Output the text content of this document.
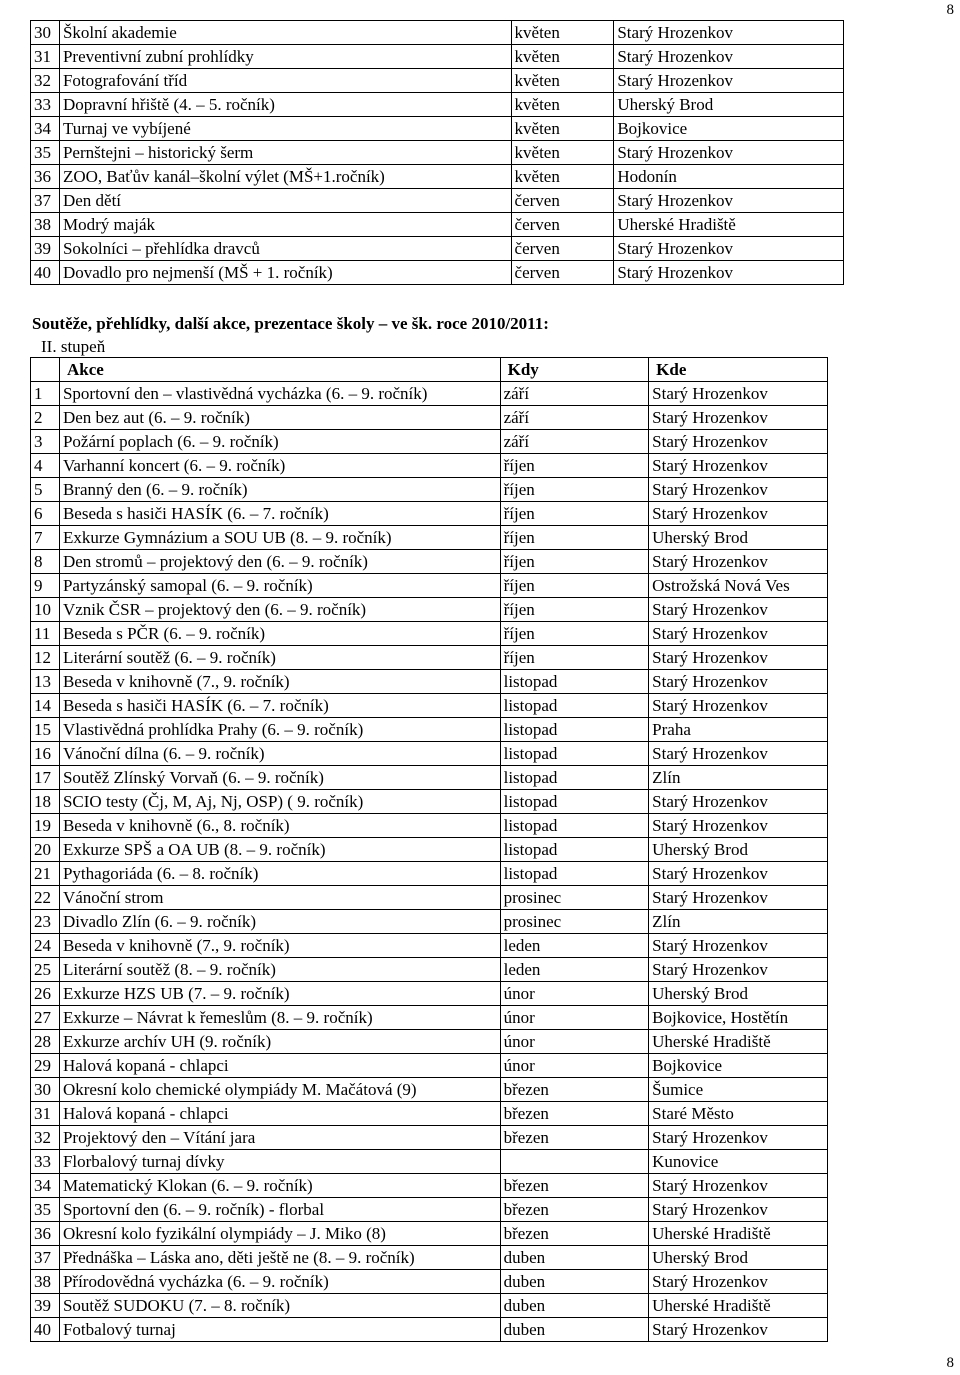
8
30	Školní akademie	květen	Starý Hrozenkov
31	Preventivní zubní prohlídky	květen	Starý Hrozenkov
32	Fotografování tříd	květen	Starý Hrozenkov
33	Dopravní hřiště (4. – 5. ročník)	květen	Uherský Brod
34	Turnaj ve vybíjené	květen	Bojkovice
35	Pernštejni – historický šerm	květen	Starý Hrozenkov
36	ZOO, Baťův kanál–školní výlet (MŠ+1.ročník)	květen	Hodonín
37	Den dětí	červen	Starý Hrozenkov
38	Modrý maják	červen	Uherské Hradiště
39	Sokolníci – přehlídka dravců	červen	Starý Hrozenkov
40	Dovadlo pro nejmenší (MŠ + 1. ročník)	červen	Starý Hrozenkov
Soutěže, přehlídky, další akce, prezentace školy – ve šk. roce 2010/2011:
II. stupeň
	Akce	Kdy	Kde
1	Sportovní den – vlastivědná vycházka (6. – 9. ročník)	září	Starý Hrozenkov
2	Den bez aut (6. – 9. ročník)	září	Starý Hrozenkov
3	Požární poplach (6. – 9. ročník)	září	Starý Hrozenkov
4	Varhanní koncert (6. – 9. ročník)	říjen	Starý Hrozenkov
5	Branný den (6. – 9. ročník)	říjen	Starý Hrozenkov
6	Beseda s hasiči HASÍK (6. – 7. ročník)	říjen	Starý Hrozenkov
7	Exkurze Gymnázium a SOU UB (8. – 9. ročník)	říjen	Uherský Brod
8	Den stromů – projektový den (6. – 9. ročník)	říjen	Starý Hrozenkov
9	Partyzánský samopal (6. – 9. ročník)	říjen	Ostrožská Nová Ves
10	Vznik ČSR – projektový den (6. – 9. ročník)	říjen	Starý Hrozenkov
11	Beseda s PČR (6. – 9. ročník)	říjen	Starý Hrozenkov
12	Literární soutěž (6. – 9. ročník)	říjen	Starý Hrozenkov
13	Beseda v knihovně (7., 9. ročník)	listopad	Starý Hrozenkov
14	Beseda s hasiči HASÍK (6. – 7. ročník)	listopad	Starý Hrozenkov
15	Vlastivědná prohlídka Prahy (6. – 9. ročník)	listopad	Praha
16	Vánoční dílna (6. – 9. ročník)	listopad	Starý Hrozenkov
17	Soutěž Zlínský Vorvaň (6. – 9. ročník)	listopad	Zlín
18	SCIO testy (Čj, M, Aj, Nj, OSP) ( 9. ročník)	listopad	Starý Hrozenkov
19	Beseda v knihovně (6., 8. ročník)	listopad	Starý Hrozenkov
20	Exkurze SPŠ a OA UB (8. – 9. ročník)	listopad	Uherský Brod
21	Pythagoriáda (6. – 8. ročník)	listopad	Starý Hrozenkov
22	Vánoční strom	prosinec	Starý Hrozenkov
23	Divadlo Zlín (6. – 9. ročník)	prosinec	Zlín
24	Beseda v knihovně (7., 9. ročník)	leden	Starý Hrozenkov
25	Literární soutěž (8. – 9. ročník)	leden	Starý Hrozenkov
26	Exkurze HZS UB (7. – 9. ročník)	únor	Uherský Brod
27	Exkurze – Návrat k řemeslům (8. – 9. ročník)	únor	Bojkovice, Hostětín
28	Exkurze archív UH (9. ročník)	únor	Uherské Hradiště
29	Halová kopaná - chlapci	únor	Bojkovice
30	Okresní kolo chemické olympiády M. Mačátová (9)	březen	Šumice
31	Halová kopaná - chlapci	březen	Staré Město
32	Projektový den – Vítání jara	březen	Starý Hrozenkov
33	Florbalový turnaj dívky		Kunovice
34	Matematický Klokan (6. – 9. ročník)	březen	Starý Hrozenkov
35	Sportovní den (6. – 9. ročník) - florbal	březen	Starý Hrozenkov
36	Okresní kolo fyzikální olympiády – J. Miko (8)	březen	Uherské Hradiště
37	Přednáška – Láska ano, děti ještě ne (8. – 9. ročník)	duben	Uherský Brod
38	Přírodovědná vycházka (6. – 9. ročník)	duben	Starý Hrozenkov
39	Soutěž SUDOKU (7. – 8. ročník)	duben	Uherské Hradiště
40	Fotbalový turnaj	duben	Starý Hrozenkov
8
